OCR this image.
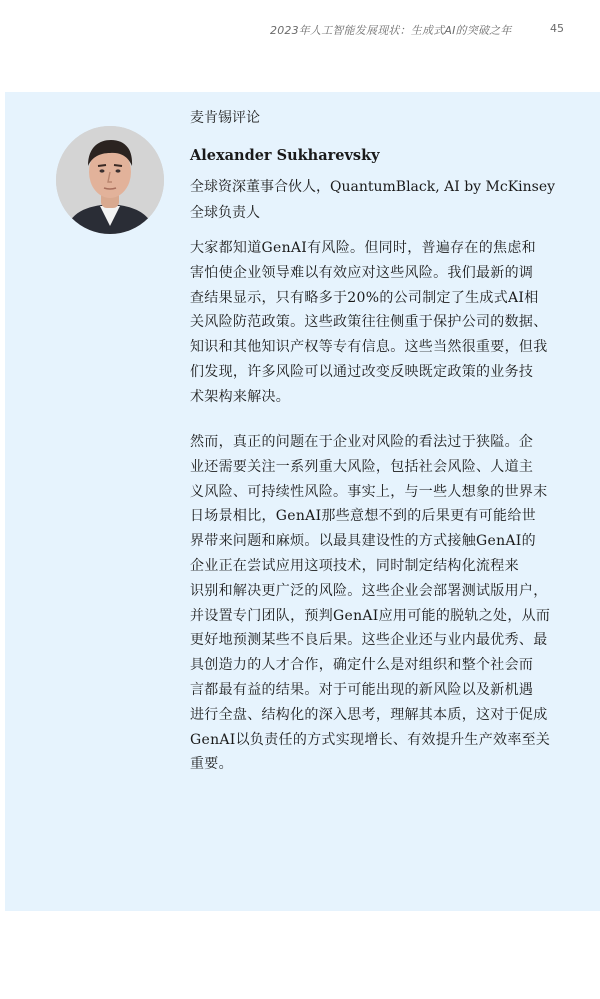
2023年人工智能发展现状：生成式AI的突破之年	45
麦肯锡评论
Alexander Sukharevsky
全球资深董事合伙人，QuantumBlack, AI by McKinsey
全球负责人
大家都知道GenAI有风险。但同时，普遍存在的焦虑和
害怕使企业领导难以有效应对这些风险。我们最新的调
查结果显示，只有略多于20%的公司制定了生成式AI相
关风险防范政策。这些政策往往侧重于保护公司的数据、
知识和其他知识产权等专有信息。这些当然很重要，但我
们发现，许多风险可以通过改变反映既定政策的业务技
术架构来解决。
然而，真正的问题在于企业对风险的看法过于狭隘。企
业还需要关注一系列重大风险，包括社会风险、人道主
义风险、可持续性风险。事实上，与一些人想象的世界末
日场景相比，GenAI那些意想不到的后果更有可能给世
界带来问题和麻烦。以最具建设性的方式接触GenAI的
企业正在尝试应用这项技术，同时制定结构化流程来
识别和解决更广泛的风险。这些企业会部署测试版用户，
并设置专门团队，预判GenAI应用可能的脱轨之处，从而
更好地预测某些不良后果。这些企业还与业内最优秀、最
具创造力的人才合作，确定什么是对组织和整个社会而
言都最有益的结果。对于可能出现的新风险以及新机遇
进行全盘、结构化的深入思考，理解其本质，这对于促成
GenAI以负责任的方式实现增长、有效提升生产效率至关
重要。
